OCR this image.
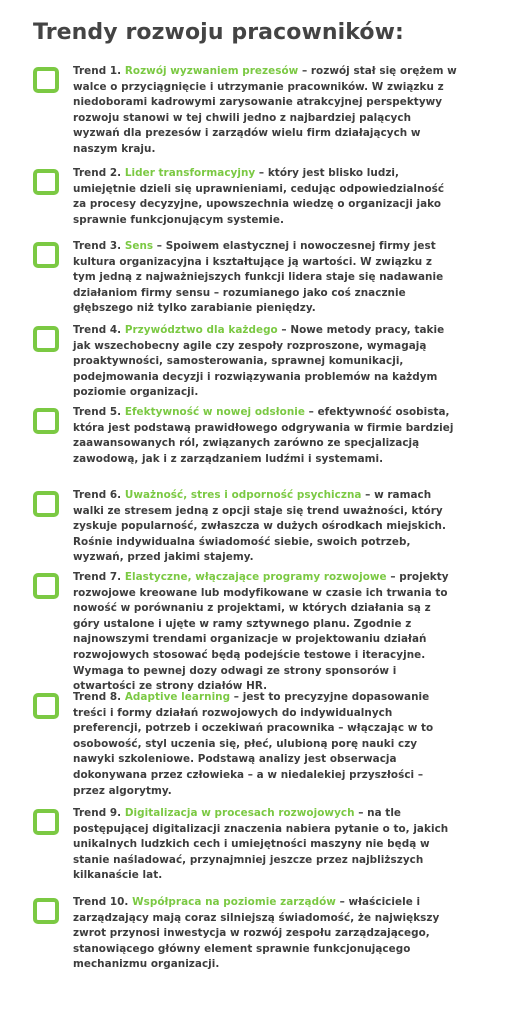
Trendy rozwoju pracowników:

Trend 1. Rozwój wyzwaniem prezesów – rozwój stał się orężem w walce o przyciągnięcie i utrzymanie pracowników. W związku z niedoborami kadrowymi zarysowanie atrakcyjnej perspektywy rozwoju stanowi w tej chwili jedno z najbardziej palących wyzwań dla prezesów i zarządów wielu firm działających w naszym kraju.

Trend 2. Lider transformacyjny – który jest blisko ludzi, umiejętnie dzieli się uprawnieniami, cedując odpowiedzialność za procesy decyzyjne, upowszechnia wiedzę o organizacji jako sprawnie funkcjonującym systemie.

Trend 3. Sens – Spoiwem elastycznej i nowoczesnej firmy jest kultura organizacyjna i kształtujące ją wartości. W związku z tym jedną z najważniejszych funkcji lidera staje się nadawanie działaniom firmy sensu – rozumianego jako coś znacznie głębszego niż tylko zarabianie pieniędzy.

Trend 4. Przywództwo dla każdego – Nowe metody pracy, takie jak wszechobecny agile czy zespoły rozproszone, wymagają proaktywności, samosterowania, sprawnej komunikacji, podejmowania decyzji i rozwiązywania problemów na każdym poziomie organizacji.

Trend 5. Efektywność w nowej odsłonie – efektywność osobista, która jest podstawą prawidłowego odgrywania w firmie bardziej zaawansowanych ról, związanych zarówno ze specjalizacją zawodową, jak i z zarządzaniem ludźmi i systemami.

Trend 6. Uważność, stres i odporność psychiczna – w ramach walki ze stresem jedną z opcji staje się trend uważności, który zyskuje popularność, zwłaszcza w dużych ośrodkach miejskich. Rośnie indywidualna świadomość siebie, swoich potrzeb, wyzwań, przed jakimi stajemy.

Trend 7. Elastyczne, włączające programy rozwojowe – projekty rozwojowe kreowane lub modyfikowane w czasie ich trwania to nowość w porównaniu z projektami, w których działania są z góry ustalone i ujęte w ramy sztywnego planu. Zgodnie z najnowszymi trendami organizacje w projektowaniu działań rozwojowych stosować będą podejście testowe i iteracyjne. Wymaga to pewnej dozy odwagi ze strony sponsorów i otwartości ze strony działów HR.

Trend 8. Adaptive learning – jest to precyzyjne dopasowanie treści i formy działań rozwojowych do indywidualnych preferencji, potrzeb i oczekiwań pracownika – włączając w to osobowość, styl uczenia się, płeć, ulubioną porę nauki czy nawyki szkoleniowe. Podstawą analizy jest obserwacja dokonywana przez człowieka – a w niedalekiej przyszłości – przez algorytmy.

Trend 9. Digitalizacja w procesach rozwojowych – na tle postępującej digitalizacji znaczenia nabiera pytanie o to, jakich unikalnych ludzkich cech i umiejętności maszyny nie będą w stanie naśladować, przynajmniej jeszcze przez najbliższych kilkanaście lat.

Trend 10. Współpraca na poziomie zarządów – właściciele i zarządzający mają coraz silniejszą świadomość, że największy zwrot przynosi inwestycja w rozwój zespołu zarządzającego, stanowiącego główny element sprawnie funkcjonującego mechanizmu organizacji.
